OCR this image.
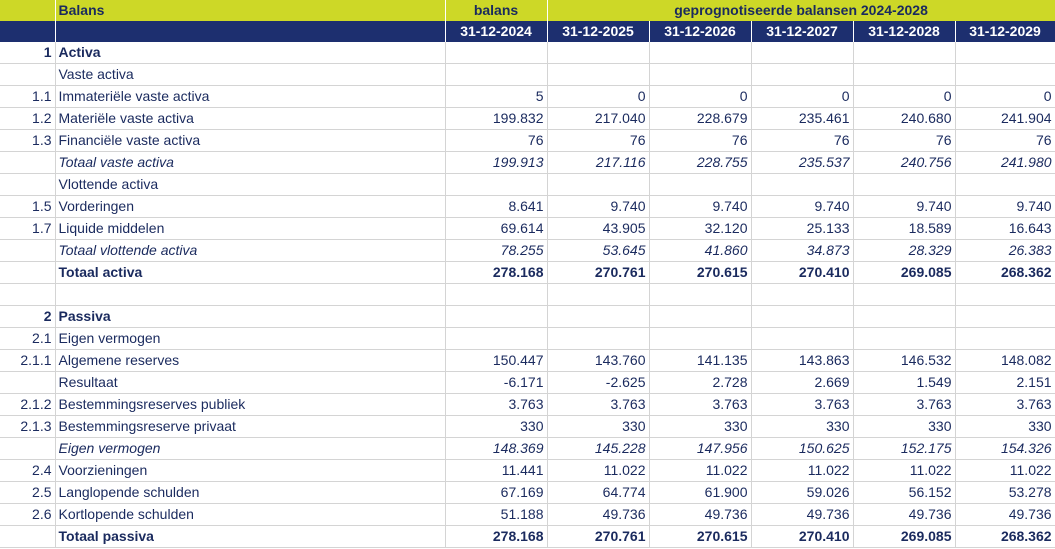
	Balans	balans	geprognotiseerde balansen 2024-2028				
		31-12-2024	31-12-2025	31-12-2026	31-12-2027	31-12-2028	31-12-2029
1	Activa						
	Vaste activa						
1.1	Immateriële vaste activa	5	0	0	0	0	0
1.2	Materiële vaste activa	199.832	217.040	228.679	235.461	240.680	241.904
1.3	Financiële vaste activa	76	76	76	76	76	76
	Totaal vaste activa	199.913	217.116	228.755	235.537	240.756	241.980
	Vlottende activa						
1.5	Vorderingen	8.641	9.740	9.740	9.740	9.740	9.740
1.7	Liquide middelen	69.614	43.905	32.120	25.133	18.589	16.643
	Totaal vlottende activa	78.255	53.645	41.860	34.873	28.329	26.383
	Totaal activa	278.168	270.761	270.615	270.410	269.085	268.362

2	Passiva						
2.1	Eigen vermogen						
2.1.1	Algemene reserves	150.447	143.760	141.135	143.863	146.532	148.082
	Resultaat	-6.171	-2.625	2.728	2.669	1.549	2.151
2.1.2	Bestemmingsreserves publiek	3.763	3.763	3.763	3.763	3.763	3.763
2.1.3	Bestemmingsreserve privaat	330	330	330	330	330	330
	Eigen vermogen	148.369	145.228	147.956	150.625	152.175	154.326
2.4	Voorzieningen	11.441	11.022	11.022	11.022	11.022	11.022
2.5	Langlopende schulden	67.169	64.774	61.900	59.026	56.152	53.278
2.6	Kortlopende schulden	51.188	49.736	49.736	49.736	49.736	49.736
	Totaal passiva	278.168	270.761	270.615	270.410	269.085	268.362
